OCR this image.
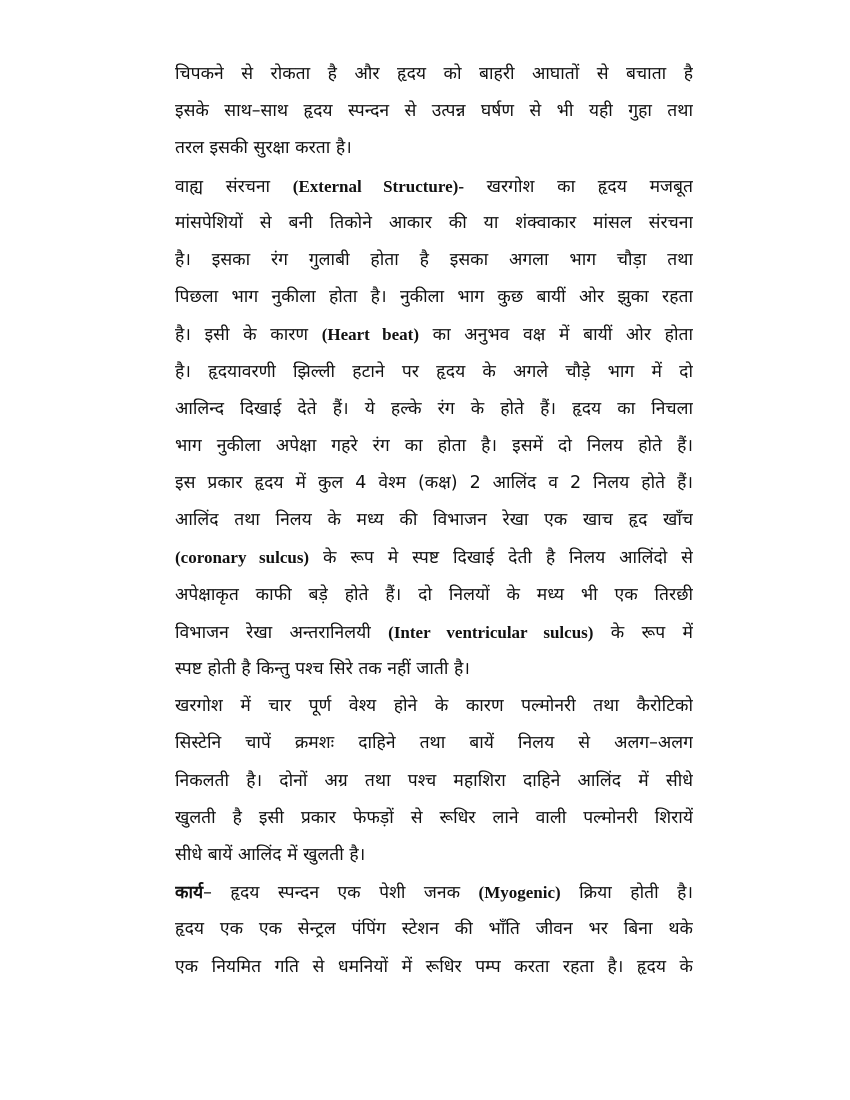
चिपकने से रोकता है और हृदय को बाहरी आघातों से बचाता है
इसके साथ–साथ हृदय स्पन्दन से उत्पन्न घर्षण से भी यही गुहा तथा
तरल इसकी सुरक्षा करता है।
वाह्य संरचना (External Structure)- खरगोश का हृदय मजबूत
मांसपेशियों से बनी तिकोने आकार की या शंक्वाकार मांसल संरचना
है। इसका रंग गुलाबी होता है इसका अगला भाग चौड़ा तथा
पिछला भाग नुकीला होता है। नुकीला भाग कुछ बायीं ओर झुका रहता
है। इसी के कारण (Heart beat) का अनुभव वक्ष में बायीं ओर होता
है। हृदयावरणी झिल्ली हटाने पर हृदय के अगले चौड़े भाग में दो
आलिन्द दिखाई देते हैं। ये हल्के रंग के होते हैं। हृदय का निचला
भाग नुकीला अपेक्षा गहरे रंग का होता है। इसमें दो निलय होते हैं।
इस प्रकार हृदय में कुल 4 वेश्म (कक्ष) 2 आलिंद व 2 निलय होते हैं।
आलिंद तथा निलय के मध्य की विभाजन रेखा एक खाच हृद खाँच
(coronary sulcus) के रूप मे स्पष्ट दिखाई देती है निलय आलिंदो से
अपेक्षाकृत काफी बड़े होते हैं। दो निलयों के मध्य भी एक तिरछी
विभाजन रेखा अन्तरानिलयी (Inter ventricular sulcus) के रूप में
स्पष्ट होती है किन्तु पश्च सिरे तक नहीं जाती है।
खरगोश में चार पूर्ण वेश्य होने के कारण पल्मोनरी तथा कैरोटिको
सिस्टेनि चापें क्रमशः दाहिने तथा बायें निलय से अलग–अलग
निकलती है। दोनों अग्र तथा पश्च महाशिरा दाहिने आलिंद में सीधे
खुलती है इसी प्रकार फेफड़ों से रूधिर लाने वाली पल्मोनरी शिरायें
सीधे बायें आलिंद में खुलती है।
कार्य– हृदय स्पन्दन एक पेशी जनक (Myogenic) क्रिया होती है।
हृदय एक एक सेन्ट्रल पंपिंग स्टेशन की भाँति जीवन भर बिना थके
एक नियमित गति से धमनियों में रूधिर पम्प करता रहता है। हृदय के
